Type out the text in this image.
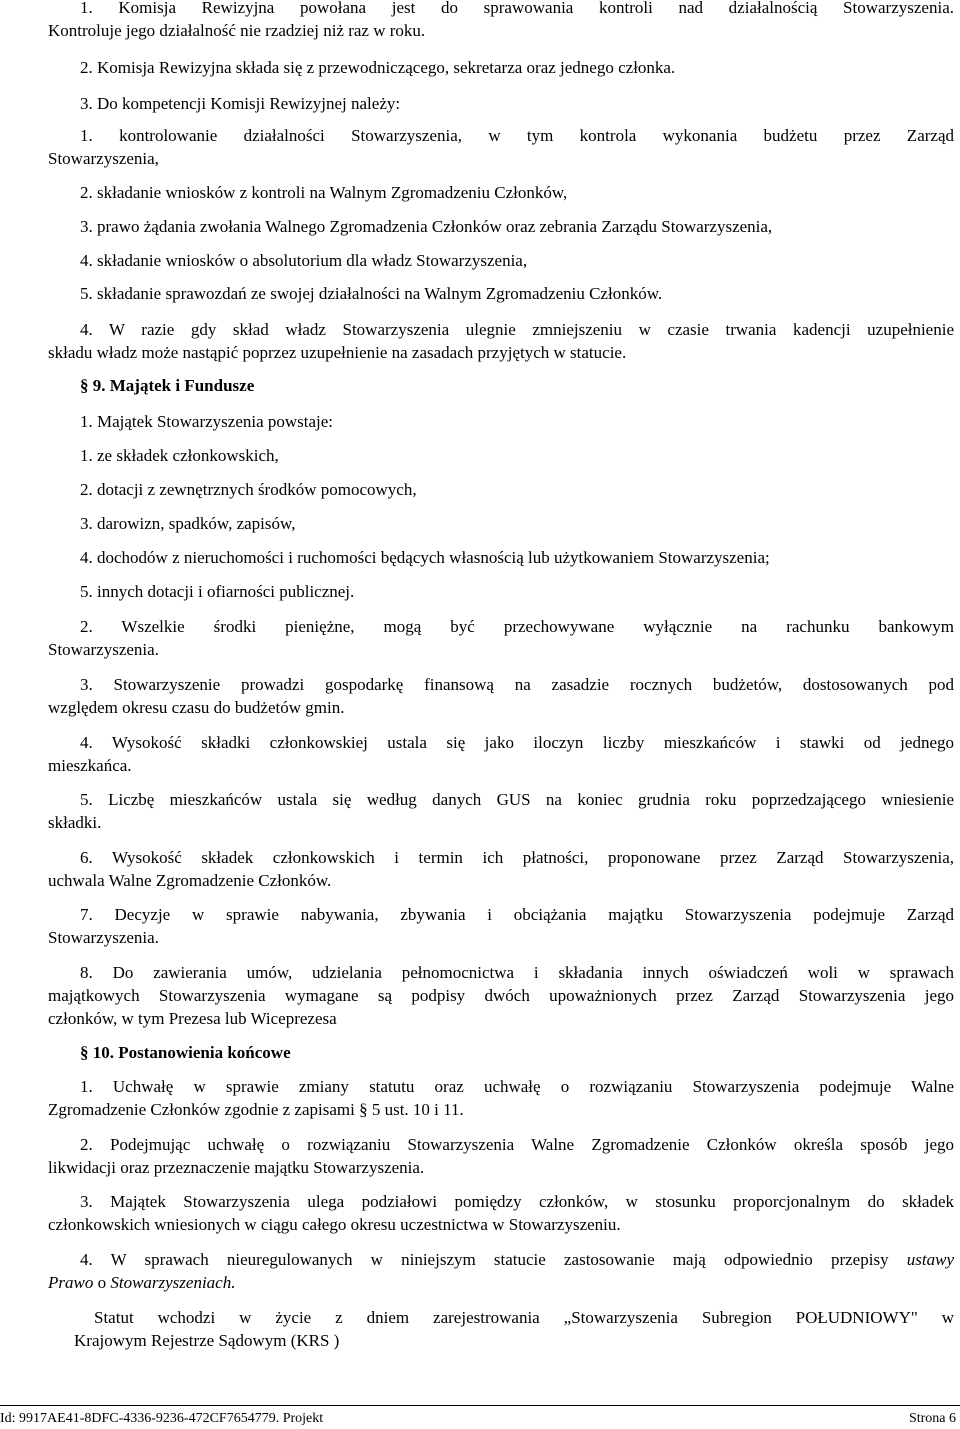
1. Komisja Rewizyjna powołana jest do sprawowania kontroli nad działalnością Stowarzyszenia.
Kontroluje jego działalność nie rzadziej niż raz w roku.
2. Komisja Rewizyjna składa się z przewodniczącego, sekretarza oraz jednego członka.
3. Do kompetencji Komisji Rewizyjnej należy:
1. kontrolowanie działalności Stowarzyszenia, w tym kontrola wykonania budżetu przez Zarząd
Stowarzyszenia,
2. składanie wniosków z kontroli na Walnym Zgromadzeniu Członków,
3. prawo żądania zwołania Walnego Zgromadzenia Członków oraz zebrania Zarządu Stowarzyszenia,
4. składanie wniosków o absolutorium dla władz Stowarzyszenia,
5. składanie sprawozdań ze swojej działalności na Walnym Zgromadzeniu Członków.
4. W razie gdy skład władz Stowarzyszenia ulegnie zmniejszeniu w czasie trwania kadencji uzupełnienie
składu władz może nastąpić poprzez uzupełnienie na zasadach przyjętych w statucie.
§ 9. Majątek i Fundusze
1. Majątek Stowarzyszenia powstaje:
1. ze składek członkowskich,
2. dotacji z zewnętrznych środków pomocowych,
3. darowizn, spadków, zapisów,
4. dochodów z nieruchomości i ruchomości będących własnością lub użytkowaniem Stowarzyszenia;
5. innych dotacji i ofiarności publicznej.
2. Wszelkie środki pieniężne, mogą być przechowywane wyłącznie na rachunku bankowym
Stowarzyszenia.
3. Stowarzyszenie prowadzi gospodarkę finansową na zasadzie rocznych budżetów, dostosowanych pod
względem okresu czasu do budżetów gmin.
4. Wysokość składki członkowskiej ustala się jako iloczyn liczby mieszkańców i stawki od jednego
mieszkańca.
5. Liczbę mieszkańców ustala się według danych GUS na koniec grudnia roku poprzedzającego wniesienie
składki.
6. Wysokość składek członkowskich i termin ich płatności, proponowane przez Zarząd Stowarzyszenia,
uchwala Walne Zgromadzenie Członków.
7. Decyzje w sprawie nabywania, zbywania i obciążania majątku Stowarzyszenia podejmuje Zarząd
Stowarzyszenia.
8. Do zawierania umów, udzielania pełnomocnictwa i składania innych oświadczeń woli w sprawach
majątkowych Stowarzyszenia wymagane są podpisy dwóch upoważnionych przez Zarząd Stowarzyszenia jego
członków, w tym Prezesa lub Wiceprezesa
§ 10. Postanowienia końcowe
1. Uchwałę w sprawie zmiany statutu oraz uchwałę o rozwiązaniu Stowarzyszenia podejmuje Walne
Zgromadzenie Członków zgodnie z zapisami § 5 ust. 10 i 11.
2. Podejmując uchwałę o rozwiązaniu Stowarzyszenia Walne Zgromadzenie Członków określa sposób jego
likwidacji oraz przeznaczenie majątku Stowarzyszenia.
3. Majątek Stowarzyszenia ulega podziałowi pomiędzy członków, w stosunku proporcjonalnym do składek
członkowskich wniesionych w ciągu całego okresu uczestnictwa w Stowarzyszeniu.
4. W sprawach nieuregulowanych w niniejszym statucie zastosowanie mają odpowiednio przepisy ustawy
Prawo o Stowarzyszeniach.
Statut wchodzi w życie z dniem zarejestrowania „Stowarzyszenia Subregion POŁUDNIOWY" w
Krajowym Rejestrze Sądowym (KRS )
Id: 9917AE41-8DFC-4336-9236-472CF7654779. Projekt	Strona 6
